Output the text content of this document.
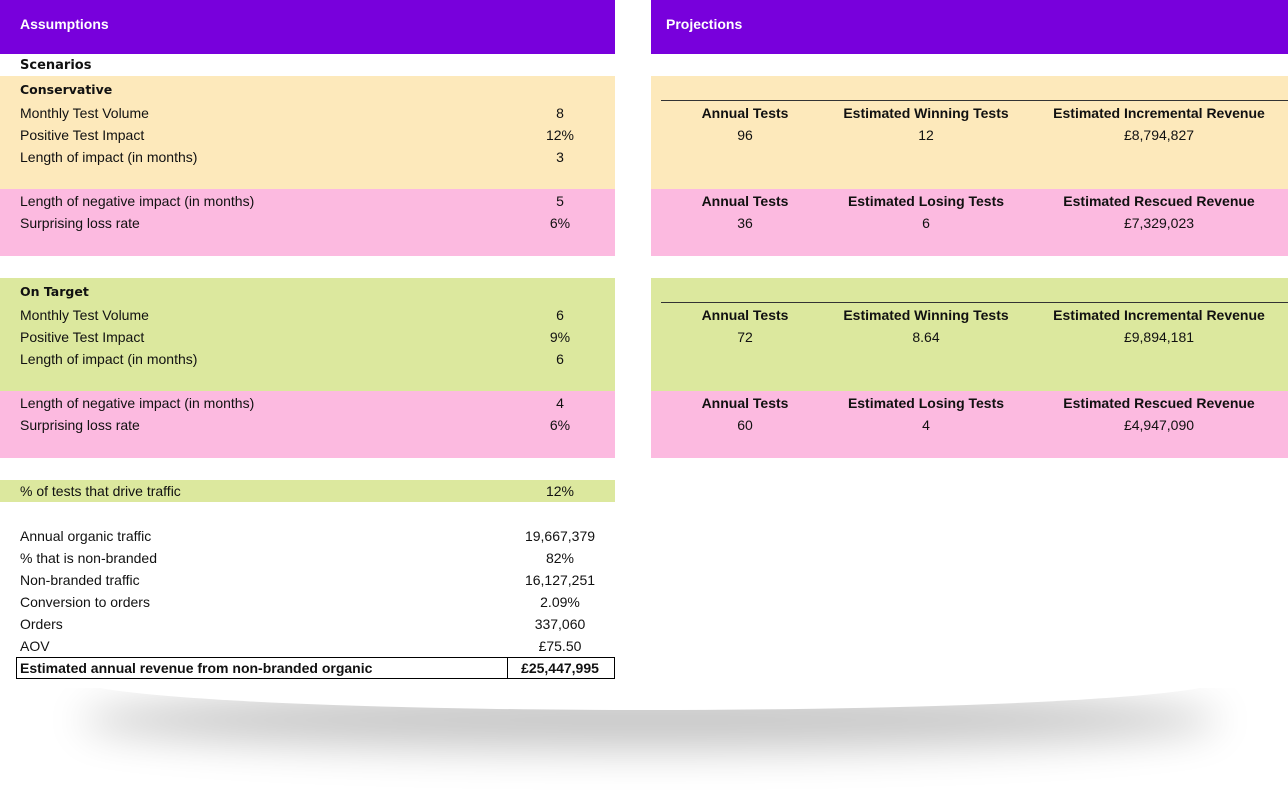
Assumptions	Projections
Scenarios
Conservative
Monthly Test Volume	8
Positive Test Impact	12%
Length of impact (in months)	3
Length of negative impact (in months)	5
Surprising loss rate	6%
On Target
Monthly Test Volume	6
Positive Test Impact	9%
Length of impact (in months)	6
Length of negative impact (in months)	4
Surprising loss rate	6%
% of tests that drive traffic	12%
Annual organic traffic	19,667,379
% that is non-branded	82%
Non-branded traffic	16,127,251
Conversion to orders	2.09%
Orders	337,060
AOV	£75.50
Estimated annual revenue from non-branded organic	£25,447,995
Annual Tests	Estimated Winning Tests	Estimated Incremental Revenue
96	12	£8,794,827
Annual Tests	Estimated Losing Tests	Estimated Rescued Revenue
36	6	£7,329,023
Annual Tests	Estimated Winning Tests	Estimated Incremental Revenue
72	8.64	£9,894,181
Annual Tests	Estimated Losing Tests	Estimated Rescued Revenue
60	4	£4,947,090
